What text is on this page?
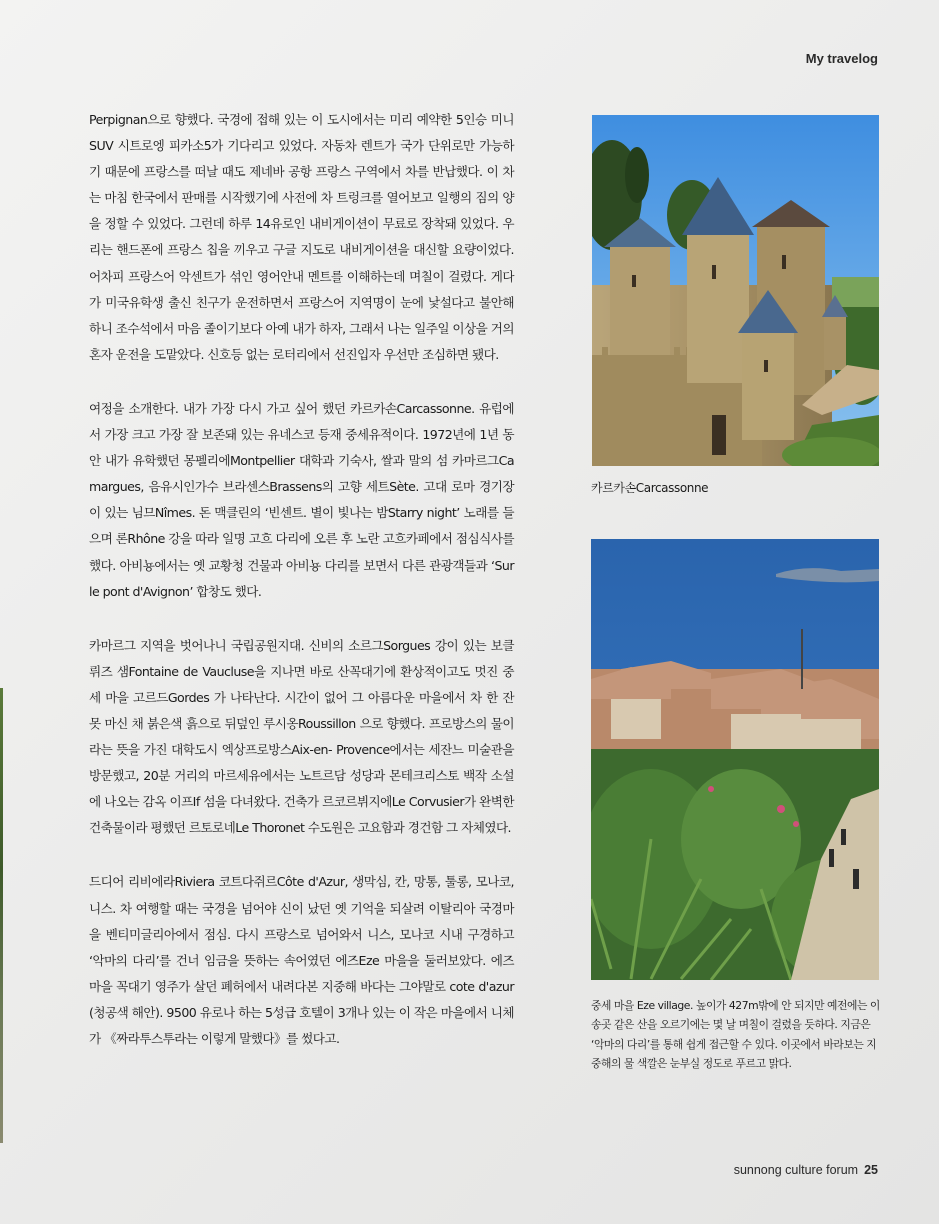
My travelog

Perpignan으로 향했다. 국경에 접해 있는 이 도시에서는 미리 예약한 5인승 미니 SUV 시트로엥 피카소5가 기다리고 있었다. 자동차 렌트가 국가 단위로만 가능하기 때문에 프랑스를 떠날 때도 제네바 공항 프랑스 구역에서 차를 반납했다. 이 차는 마침 한국에서 판매를 시작했기에 사전에 차 트렁크를 열어보고 일행의 짐의 양을 정할 수 있었다. 그런데 하루 14유로인 내비게이션이 무료로 장착돼 있었다. 우리는 핸드폰에 프랑스 칩을 끼우고 구글 지도로 내비게이션을 대신할 요량이었다. 어차피 프랑스어 악센트가 섞인 영어안내 멘트를 이해하는데 며칠이 걸렸다. 게다가 미국유학생 출신 친구가 운전하면서 프랑스어 지역명이 눈에 낯설다고 불안해하니 조수석에서 마음 졸이기보다 아예 내가 하자, 그래서 나는 일주일 이상을 거의 혼자 운전을 도맡았다. 신호등 없는 로터리에서 선진입자 우선만 조심하면 됐다.

여정을 소개한다. 내가 가장 다시 가고 싶어 했던 카르카손Carcassonne. 유럽에서 가장 크고 가장 잘 보존돼 있는 유네스코 등재 중세유적이다. 1972년에 1년 동안 내가 유학했던 몽펠리에Montpellier 대학과 기숙사, 쌀과 말의 섬 카마르그Camargues, 음유시인가수 브라센스Brassens의 고향 세트Sète. 고대 로마 경기장이 있는 님므Nîmes. 돈 맥클린의 ‘빈센트. 별이 빛나는 밤Starry night’ 노래를 들으며 론Rhône 강을 따라 일명 고흐 다리에 오른 후 노란 고흐카페에서 점심식사를 했다. 아비뇽에서는 옛 교황청 건물과 아비뇽 다리를 보면서 다른 관광객들과 ‘Sur le pont d'Avignon’ 합창도 했다.

카마르그 지역을 벗어나니 국립공원지대. 신비의 소르그Sorgues 강이 있는 보클뤼즈 샘Fontaine de Vaucluse을 지나면 바로 산꼭대기에 환상적이고도 멋진 중세 마을 고르드Gordes 가 나타난다. 시간이 없어 그 아름다운 마을에서 차 한 잔 못 마신 채 붉은색 흙으로 뒤덮인 루시옹Roussillon 으로 향했다. 프로방스의 물이라는 뜻을 가진 대학도시 엑상프로방스Aix-en- Provence에서는 세잔느 미술관을 방문했고, 20분 거리의 마르세유에서는 노트르담 성당과 몬테크리스토 백작 소설에 나오는 감옥 이프If 섬을 다녀왔다. 건축가 르코르뷔지에Le Corvusier가 완벽한 건축물이라 평했던 르토로네Le Thoronet 수도원은 고요함과 경건함 그 자체였다.

드디어 리비에라Riviera 코트다쥐르Côte d'Azur, 생막심, 칸, 망통, 툴롱, 모나코, 니스. 차 여행할 때는 국경을 넘어야 신이 났던 옛 기억을 되살려 이탈리아 국경마을 벤티미글리아에서 점심. 다시 프랑스로 넘어와서 니스, 모나코 시내 구경하고 ‘악마의 다리’를 건너 임금을 뜻하는 속어였던 에즈Eze 마을을 둘러보았다. 에즈 마을 꼭대기 영주가 살던 폐허에서 내려다본 지중해 바다는 그야말로 cote d'azur (청공색 해안). 9500 유로나 하는 5성급 호텔이 3개나 있는 이 작은 마을에서 니체가 《짜라투스투라는 이렇게 말했다》를 썼다고.

카르카손Carcassonne
중세 마을 Eze village. 높이가 427m밖에 안 되지만 예전에는 이 송곳 같은 산을 오르기에는 몇 날 며칠이 걸렸을 듯하다. 지금은 ‘악마의 다리’를 통해 쉽게 접근할 수 있다. 이곳에서 바라보는 지중해의 물 색깔은 눈부실 정도로 푸르고 맑다.
sunnong culture forum 25
